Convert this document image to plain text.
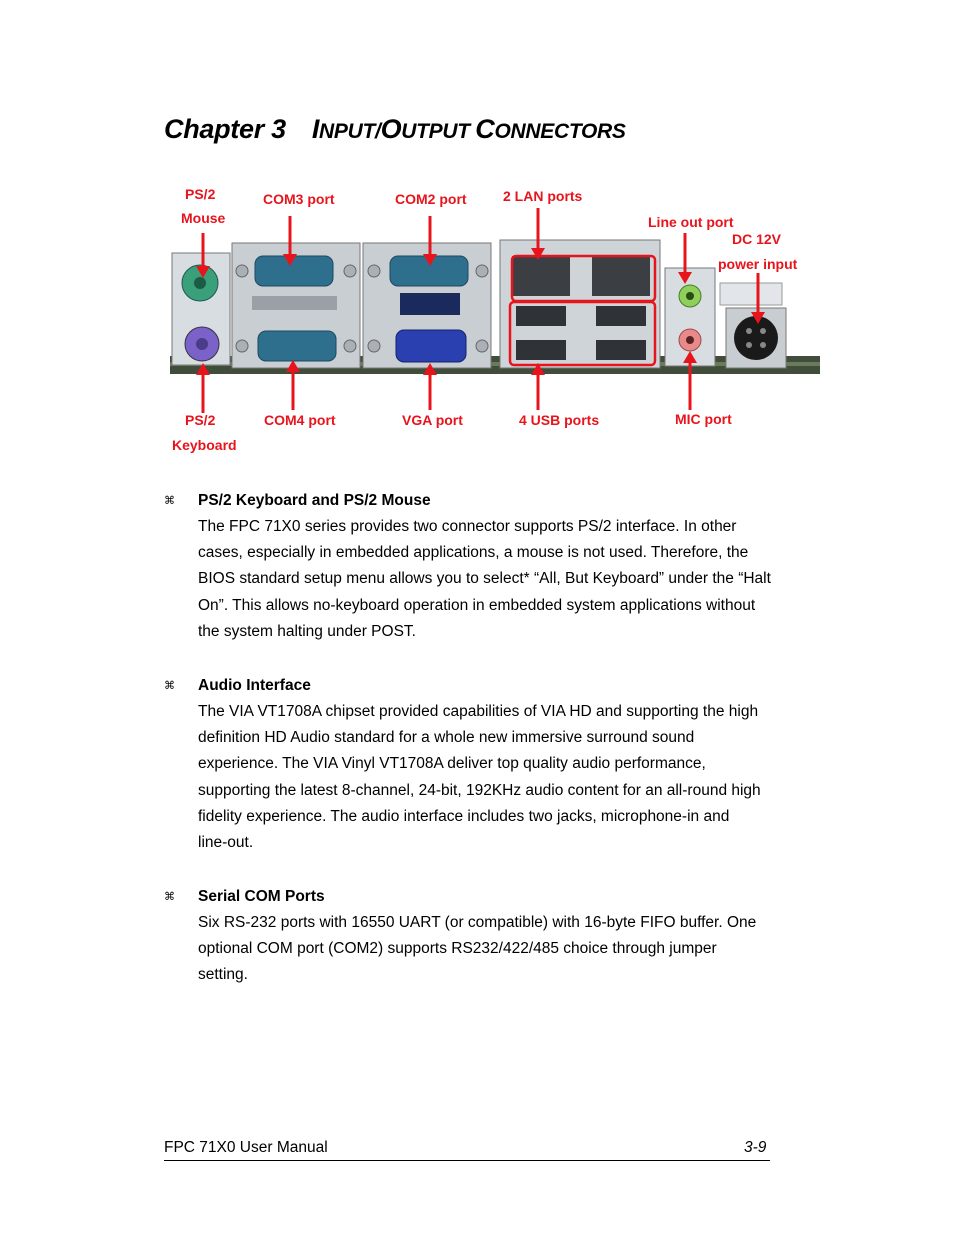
Chapter 3 INPUT/OUTPUT CONNECTORS
PS/2
Mouse
COM3 port	COM2 port	2 LAN ports
Line out port
DC 12V
power input
PS/2
Keyboard
COM4 port	VGA port	4 USB ports	MIC port
⌘ PS/2 Keyboard and PS/2 Mouse
The FPC 71X0 series provides two connector supports PS/2 interface. In other
cases, especially in embedded applications, a mouse is not used. Therefore, the
BIOS standard setup menu allows you to select* “All, But Keyboard” under the “Halt
On”. This allows no-keyboard operation in embedded system applications without
the system halting under POST.
⌘ Audio Interface
The VIA VT1708A chipset provided capabilities of VIA HD and supporting the high
definition HD Audio standard for a whole new immersive surround sound
experience. The VIA Vinyl VT1708A deliver top quality audio performance,
supporting the latest 8-channel, 24-bit, 192KHz audio content for an all-round high
fidelity experience. The audio interface includes two jacks, microphone-in and
line-out.
⌘ Serial COM Ports
Six RS-232 ports with 16550 UART (or compatible) with 16-byte FIFO buffer. One
optional COM port (COM2) supports RS232/422/485 choice through jumper
setting.
FPC 71X0 User Manual	3-9
